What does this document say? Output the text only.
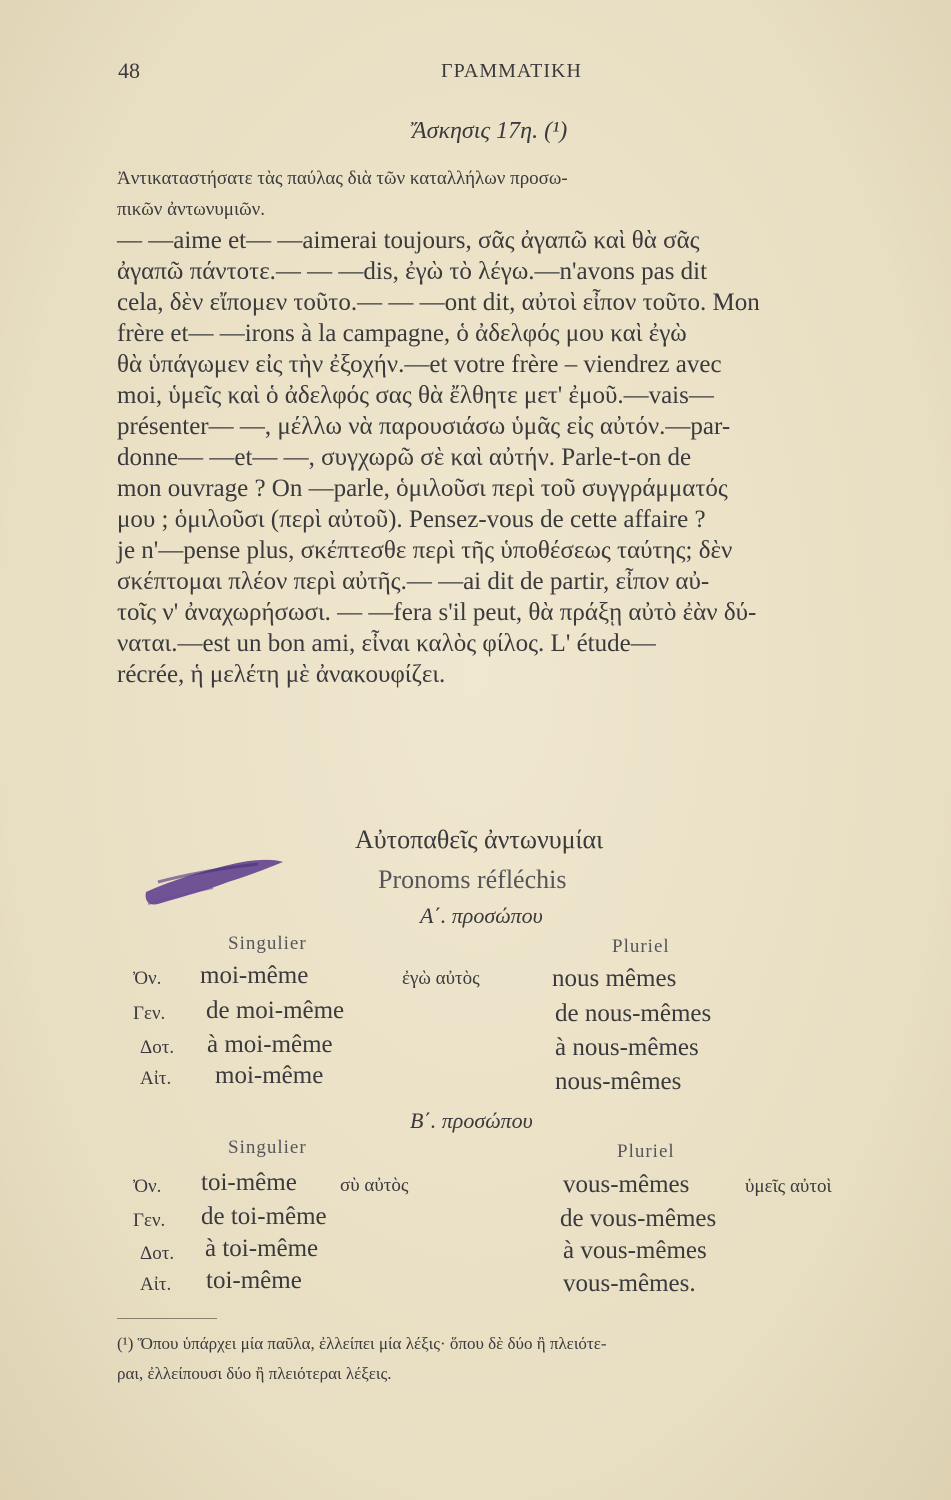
48	ΓΡΑΜΜΑΤΙΚΗ
Ἄσκησις 17η. (¹)
Ἀντικαταστήσατε τὰς παύλας διὰ τῶν καταλλήλων προσω-
πικῶν ἀντωνυμιῶν.
— —aime et— —aimerai toujours, σᾶς ἀγαπῶ καὶ θὰ σᾶς
ἀγαπῶ πάντοτε.— — —dis, ἐγὼ τὸ λέγω.—n'avons pas dit
cela, δὲν εἴπομεν τοῦτο.— — —ont dit, αὐτοὶ εἶπον τοῦτο. Mon
frère et— —irons à la campagne, ὁ ἀδελφός μου καὶ ἐγὼ
θὰ ὑπάγωμεν εἰς τὴν ἐξοχήν.—et votre frère – viendrez avec
moi, ὑμεῖς καὶ ὁ ἀδελφός σας θὰ ἔλθητε μετ' ἐμοῦ.—vais—
présenter— —, μέλλω νὰ παρουσιάσω ὑμᾶς εἰς αὐτόν.—par-
donne— —et— —, συγχωρῶ σὲ καὶ αὐτήν. Parle-t-on de
mon ouvrage ? On —parle, ὁμιλοῦσι περὶ τοῦ συγγράμματός
μου ; ὁμιλοῦσι (περὶ αὐτοῦ). Pensez-vous de cette affaire ?
je n'—pense plus, σκέπτεσθε περὶ τῆς ὑποθέσεως ταύτης; δὲν
σκέπτομαι πλέον περὶ αὐτῆς.— —ai dit de partir, εἶπον αὐ-
τοῖς ν' ἀναχωρήσωσι. — —fera s'il peut, θὰ πράξῃ αὐτὸ ἐὰν δύ-
ναται.—est un bon ami, εἶναι καλὸς φίλος. L' étude—
récrée, ἡ μελέτη μὲ ἀνακουφίζει.
Αὐτοπαθεῖς ἀντωνυμίαι
Pronoms réfléchis
Α΄. προσώπου
Singulier	Pluriel
Ὀν. moi-même	ἐγὼ αὐτὸς	nous mêmes
Γεν. de moi-même	de nous-mêmes
Δοτ. à moi-même	à nous-mêmes
Αἰτ. moi-même	nous-mêmes
Β΄. προσώπου
Singulier	Pluriel
Ὀν. toi-même σὺ αὐτὸς	vous-mêmes	ὑμεῖς αὐτοὶ
Γεν. de toi-même	de vous-mêmes
Δοτ. à toi-même	à vous-mêmes
Αἰτ. toi-même	vous-mêmes.
(¹) Ὅπου ὑπάρχει μία παῦλα, ἐλλείπει μία λέξις· ὅπου δὲ δύο ἢ πλειότε-
ραι, ἐλλείπουσι δύο ἢ πλειότεραι λέξεις.
